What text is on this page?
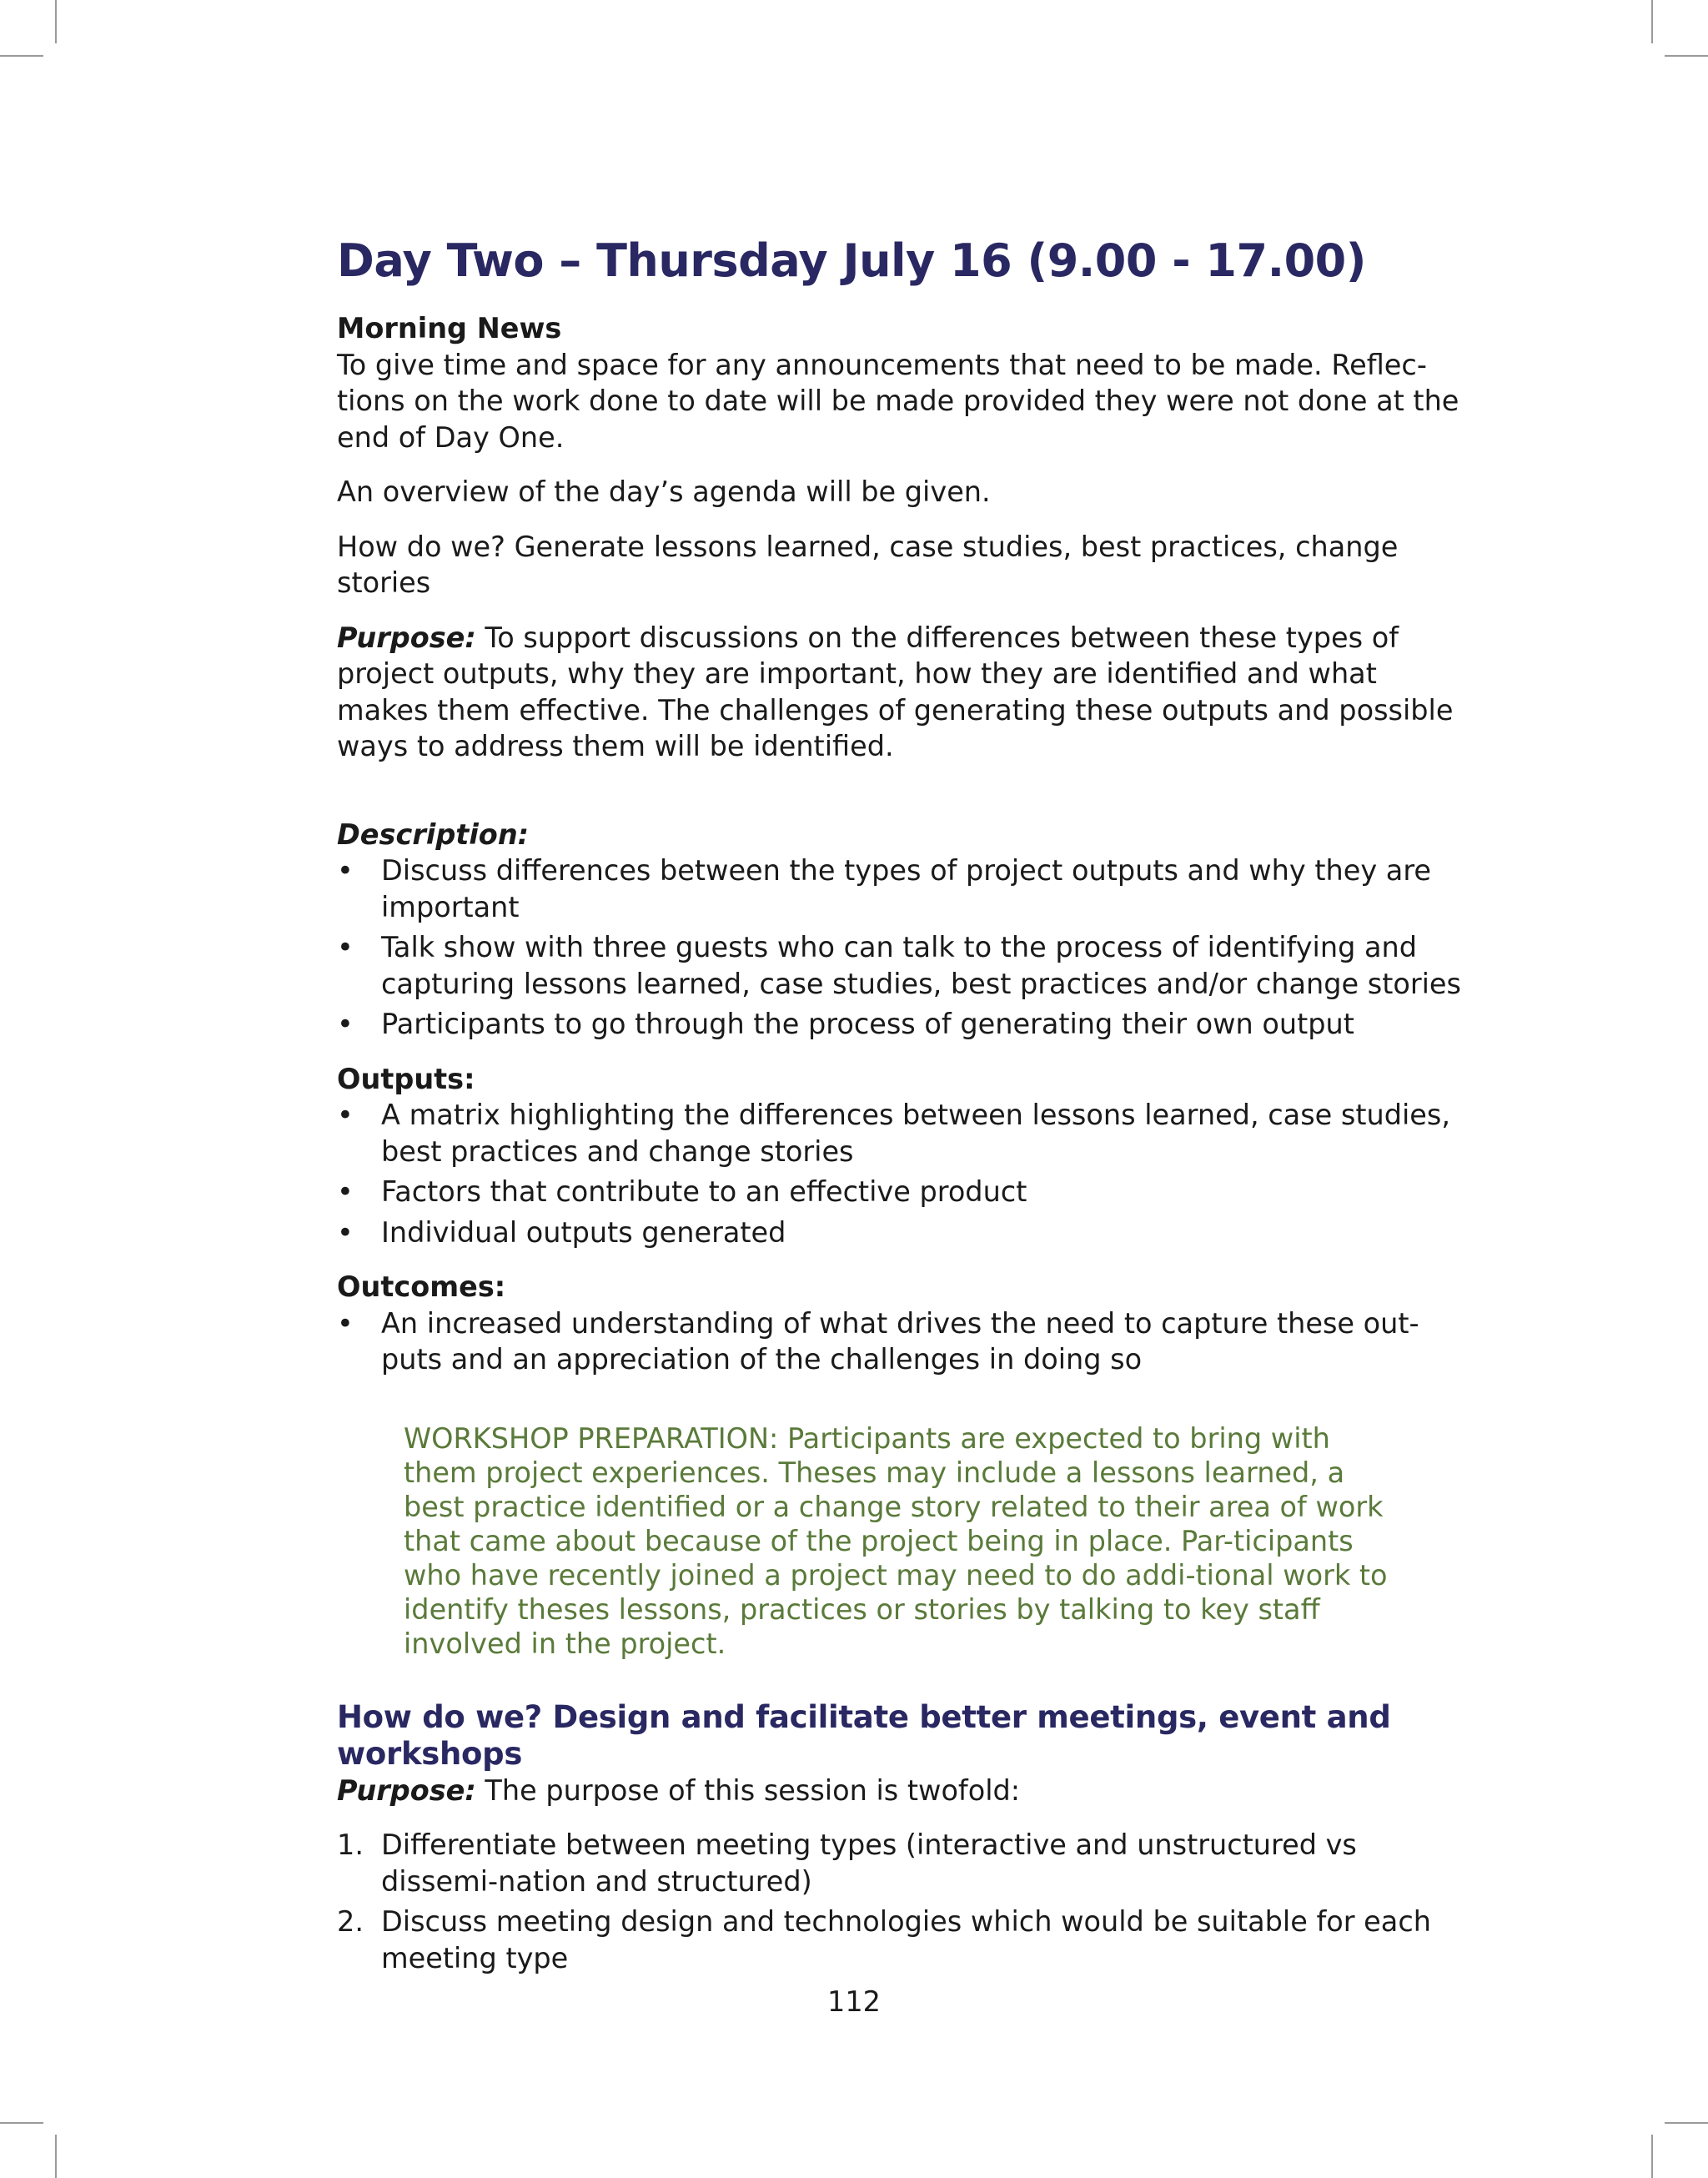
Day Two – Thursday July 16 (9.00 - 17.00)
Morning News

To give time and space for any announcements that need to be made. Reflec-tions on the work done to date will be made provided they were not done at the end of Day One.

An overview of the day’s agenda will be given.

How do we? Generate lessons learned, case studies, best practices, change stories

Purpose: To support discussions on the differences between these types of project outputs, why they are important, how they are identified and what makes them effective. The challenges of generating these outputs and possible ways to address them will be identified.

Description:
• Discuss differences between the types of project outputs and why they are important
• Talk show with three guests who can talk to the process of identifying and capturing lessons learned, case studies, best practices and/or change stories
• Participants to go through the process of generating their own output
Outputs:
• A matrix highlighting the differences between lessons learned, case studies, best practices and change stories
• Factors that contribute to an effective product
• Individual outputs generated
Outcomes:
• An increased understanding of what drives the need to capture these out-puts and an appreciation of the challenges in doing so
WORKSHOP PREPARATION: Participants are expected to bring with them project experiences. Theses may include a lessons learned, a best practice identified or a change story related to their area of work that came about because of the project being in place. Par-ticipants who have recently joined a project may need to do addi-tional work to identify theses lessons, practices or stories by talking to key staff involved in the project.
How do we? Design and facilitate better meetings, event and workshops

Purpose: The purpose of this session is twofold:

1. Differentiate between meeting types (interactive and unstructured vs dissemi-nation and structured)
2. Discuss meeting design and technologies which would be suitable for each meeting type
112
